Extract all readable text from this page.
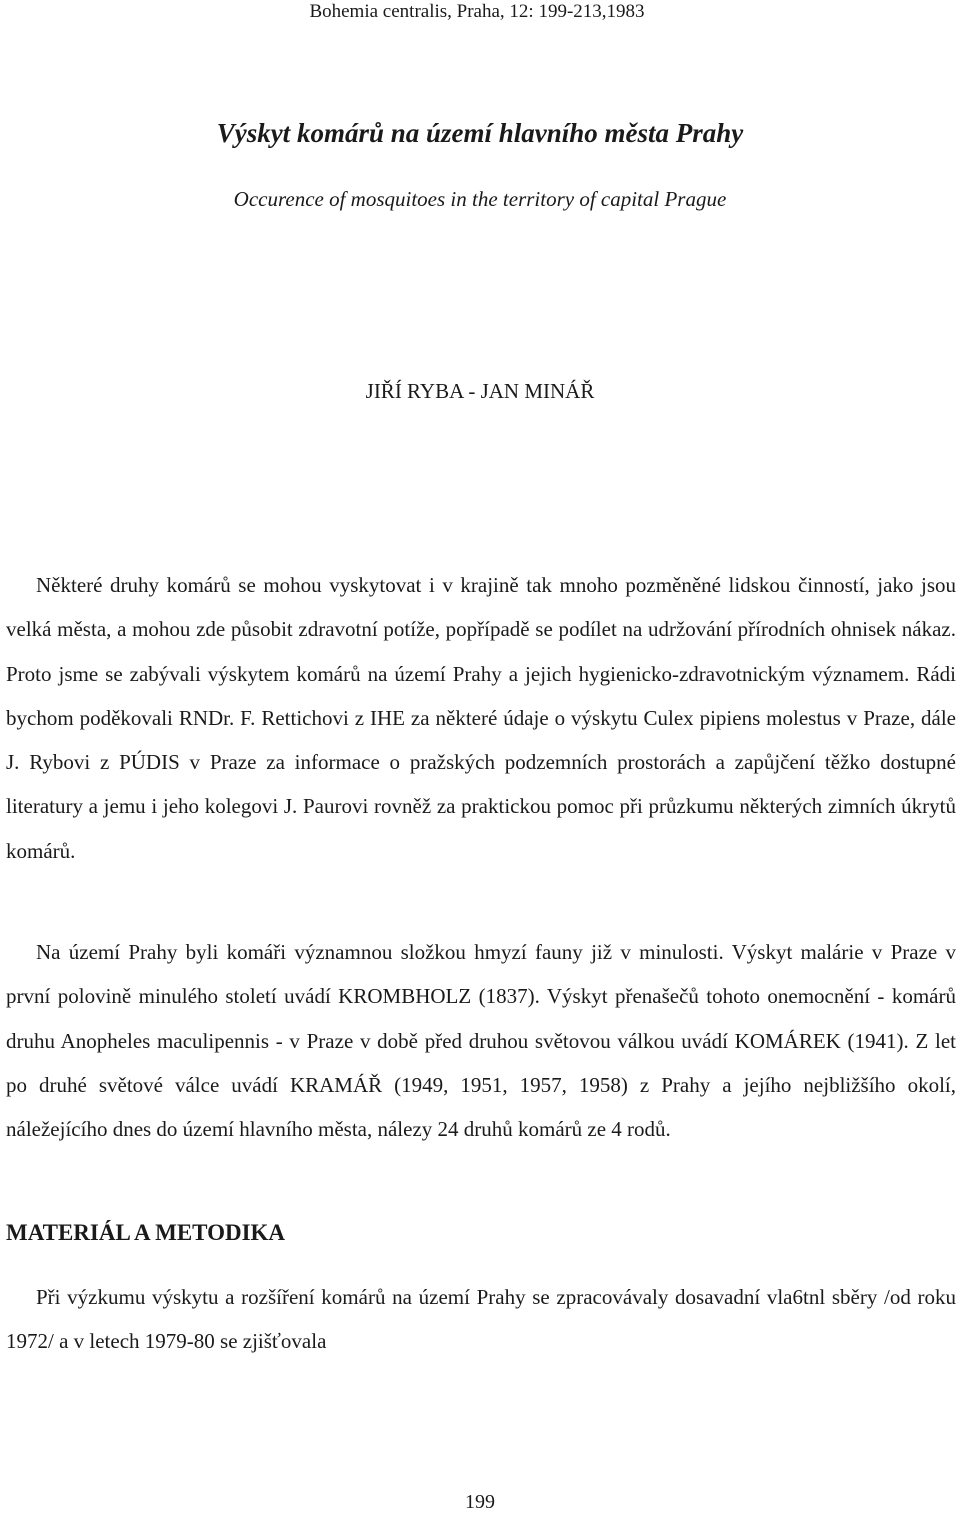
Bohemia centralis, Praha, 12: 199-213,1983
Výskyt komárů na území hlavního města Prahy
Occurence of mosquitoes in the territory of capital Prague
JIŘÍ RYBA - JAN MINÁŘ

Některé druhy komárů se mohou vyskytovat i v krajině tak mnoho pozměněné lidskou činností, jako jsou velká města, a mohou zde působit zdravotní potíže, popřípadě se podílet na udržování přírodních ohnisek nákaz. Proto jsme se zabývali výskytem komárů na území Prahy a jejich hygienicko-zdravotnickým významem. Rádi bychom poděkovali RNDr. F. Rettichovi z IHE za některé údaje o výskytu Culex pipiens molestus v Praze, dále J. Rybovi z PÚDIS v Praze za informace o pražských podzemních prostorách a zapůjčení těžko dostupné literatury a jemu i jeho kolegovi J. Paurovi rovněž za praktickou pomoc při průzkumu některých zimních úkrytů komárů.

Na území Prahy byli komáři významnou složkou hmyzí fauny již v minulosti. Výskyt malárie v Praze v první polovině minulého století uvádí KROMBHOLZ (1837). Výskyt přenašečů tohoto onemocnění - komárů druhu Anopheles maculipennis - v Praze v době před druhou světovou válkou uvádí KOMÁREK (1941). Z let po druhé světové válce uvádí KRAMÁŘ (1949, 1951, 1957, 1958) z Prahy a jejího nejbližšího okolí, náležejícího dnes do území hlavního města, nálezy 24 druhů komárů ze 4 rodů.

MATERIÁL A METODIKA

Při výzkumu výskytu a rozšíření komárů na území Prahy se zpracovávaly dosavadní vla6tnl sběry /od roku 1972/ a v letech 1979-80 se zjišťovala

199
